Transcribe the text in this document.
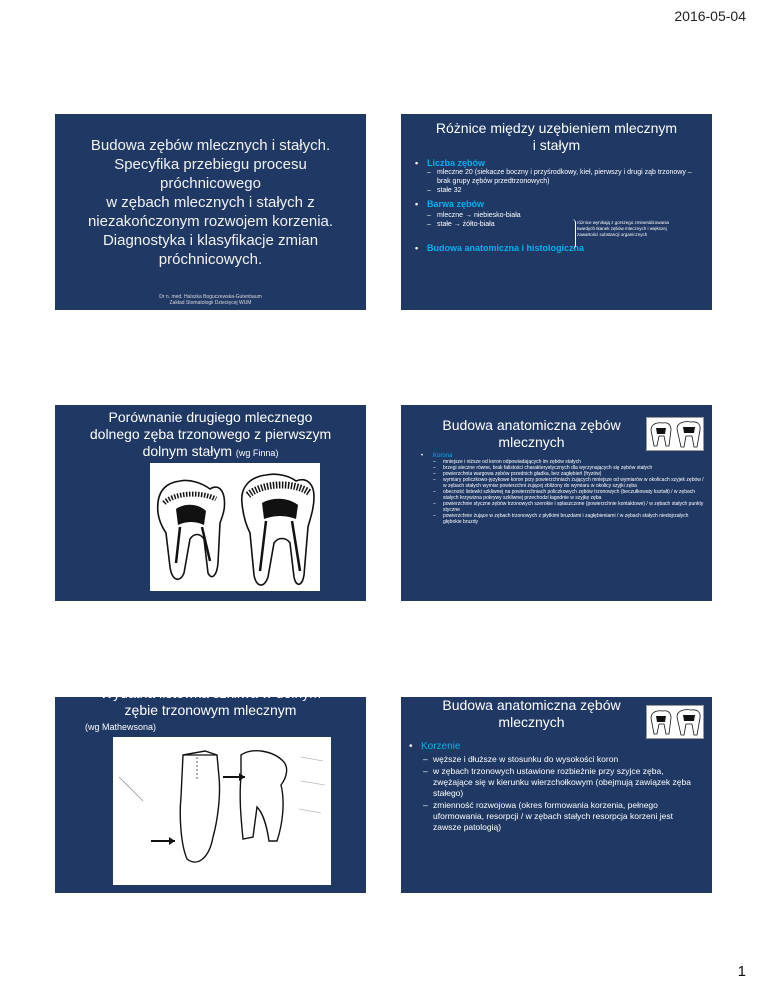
2016-05-04
Budowa zębów mlecznych i stałych.
Specyfika przebiegu procesu
próchnicowego
w zębach mlecznych i stałych z
niezakończonym rozwojem korzenia.
Diagnostyka i klasyfikacje zmian
próchnicowych.
Dr n. med. Halszka Boguczewska-Gutenbaum
Zakład Stomatologii Dziecięcej WUM
Różnice między uzębieniem mlecznym
i stałym
• Liczba zębów
– mleczne 20 (siekacze boczny i przyśrodkowy, kieł, pierwszy i drugi ząb trzonowy – brak grupy zębów przedtrzonowych)
– stałe 32
• Barwa zębów
– mleczne → niebiesko-biała
– stałe → żółto-biała
• Budowa anatomiczna i histologiczna
różnice wynikają z gorszego zmineralizowania twardych tkanek zębów mlecznych i większej zawartości substancji organicznych
Porównanie drugiego mlecznego
dolnego zęba trzonowego z pierwszym
dolnym stałym (wg Finna)
Budowa anatomiczna zębów
mlecznych
• Korona
– mniejsze i niższe od koron odpowiadających im zębów stałych
– brzegi sieczne równe, brak falistości charakterystycznych dla wyrzynających się zębów stałych
– powierzchnia wargowa zębów przednich gładka, bez zagłębień (fryzów)
– wymiary policzkowo-językowe koron przy powierzchniach żujących mniejsze od wymiarów w okolicach szyjek zębów / w zębach stałych wymiar powierzchni żującej zbliżony do wymiaru w okolicy szyjki zęba
– obecność listewki szkliwnej na powierzchniach policzkowych zębów trzonowych (beczułkowaty kształt) / w zębach stałych krzywizna pokrywy szkliwnej przechodzi łagodnie w szyjkę zęba
– powierzchnie styczne zębów trzonowych szerokie i spłaszczone (powierzchnie kontaktowe) / w zębach stałych punkty styczne
– powierzchnie żujące w zębach trzonowych z płytkimi bruzdami i zagłębieniami / w zębach stałych niedojrzałych głębokie bruzdy
Wydatna listewka szkliwa w dolnym
zębie trzonowym mlecznym
(wg Mathewsona)
Budowa anatomiczna zębów
mlecznych
• Korzenie
– węższe i dłuższe w stosunku do wysokości koron
– w zębach trzonowych ustawione rozbieżnie przy szyjce zęba, zwężające się w kierunku wierzchołkowym (obejmują zawiązek zęba stałego)
– zmienność rozwojowa (okres formowania korzenia, pełnego uformowania, resorpcji / w zębach stałych resorpcja korzeni jest zawsze patologią)
1
